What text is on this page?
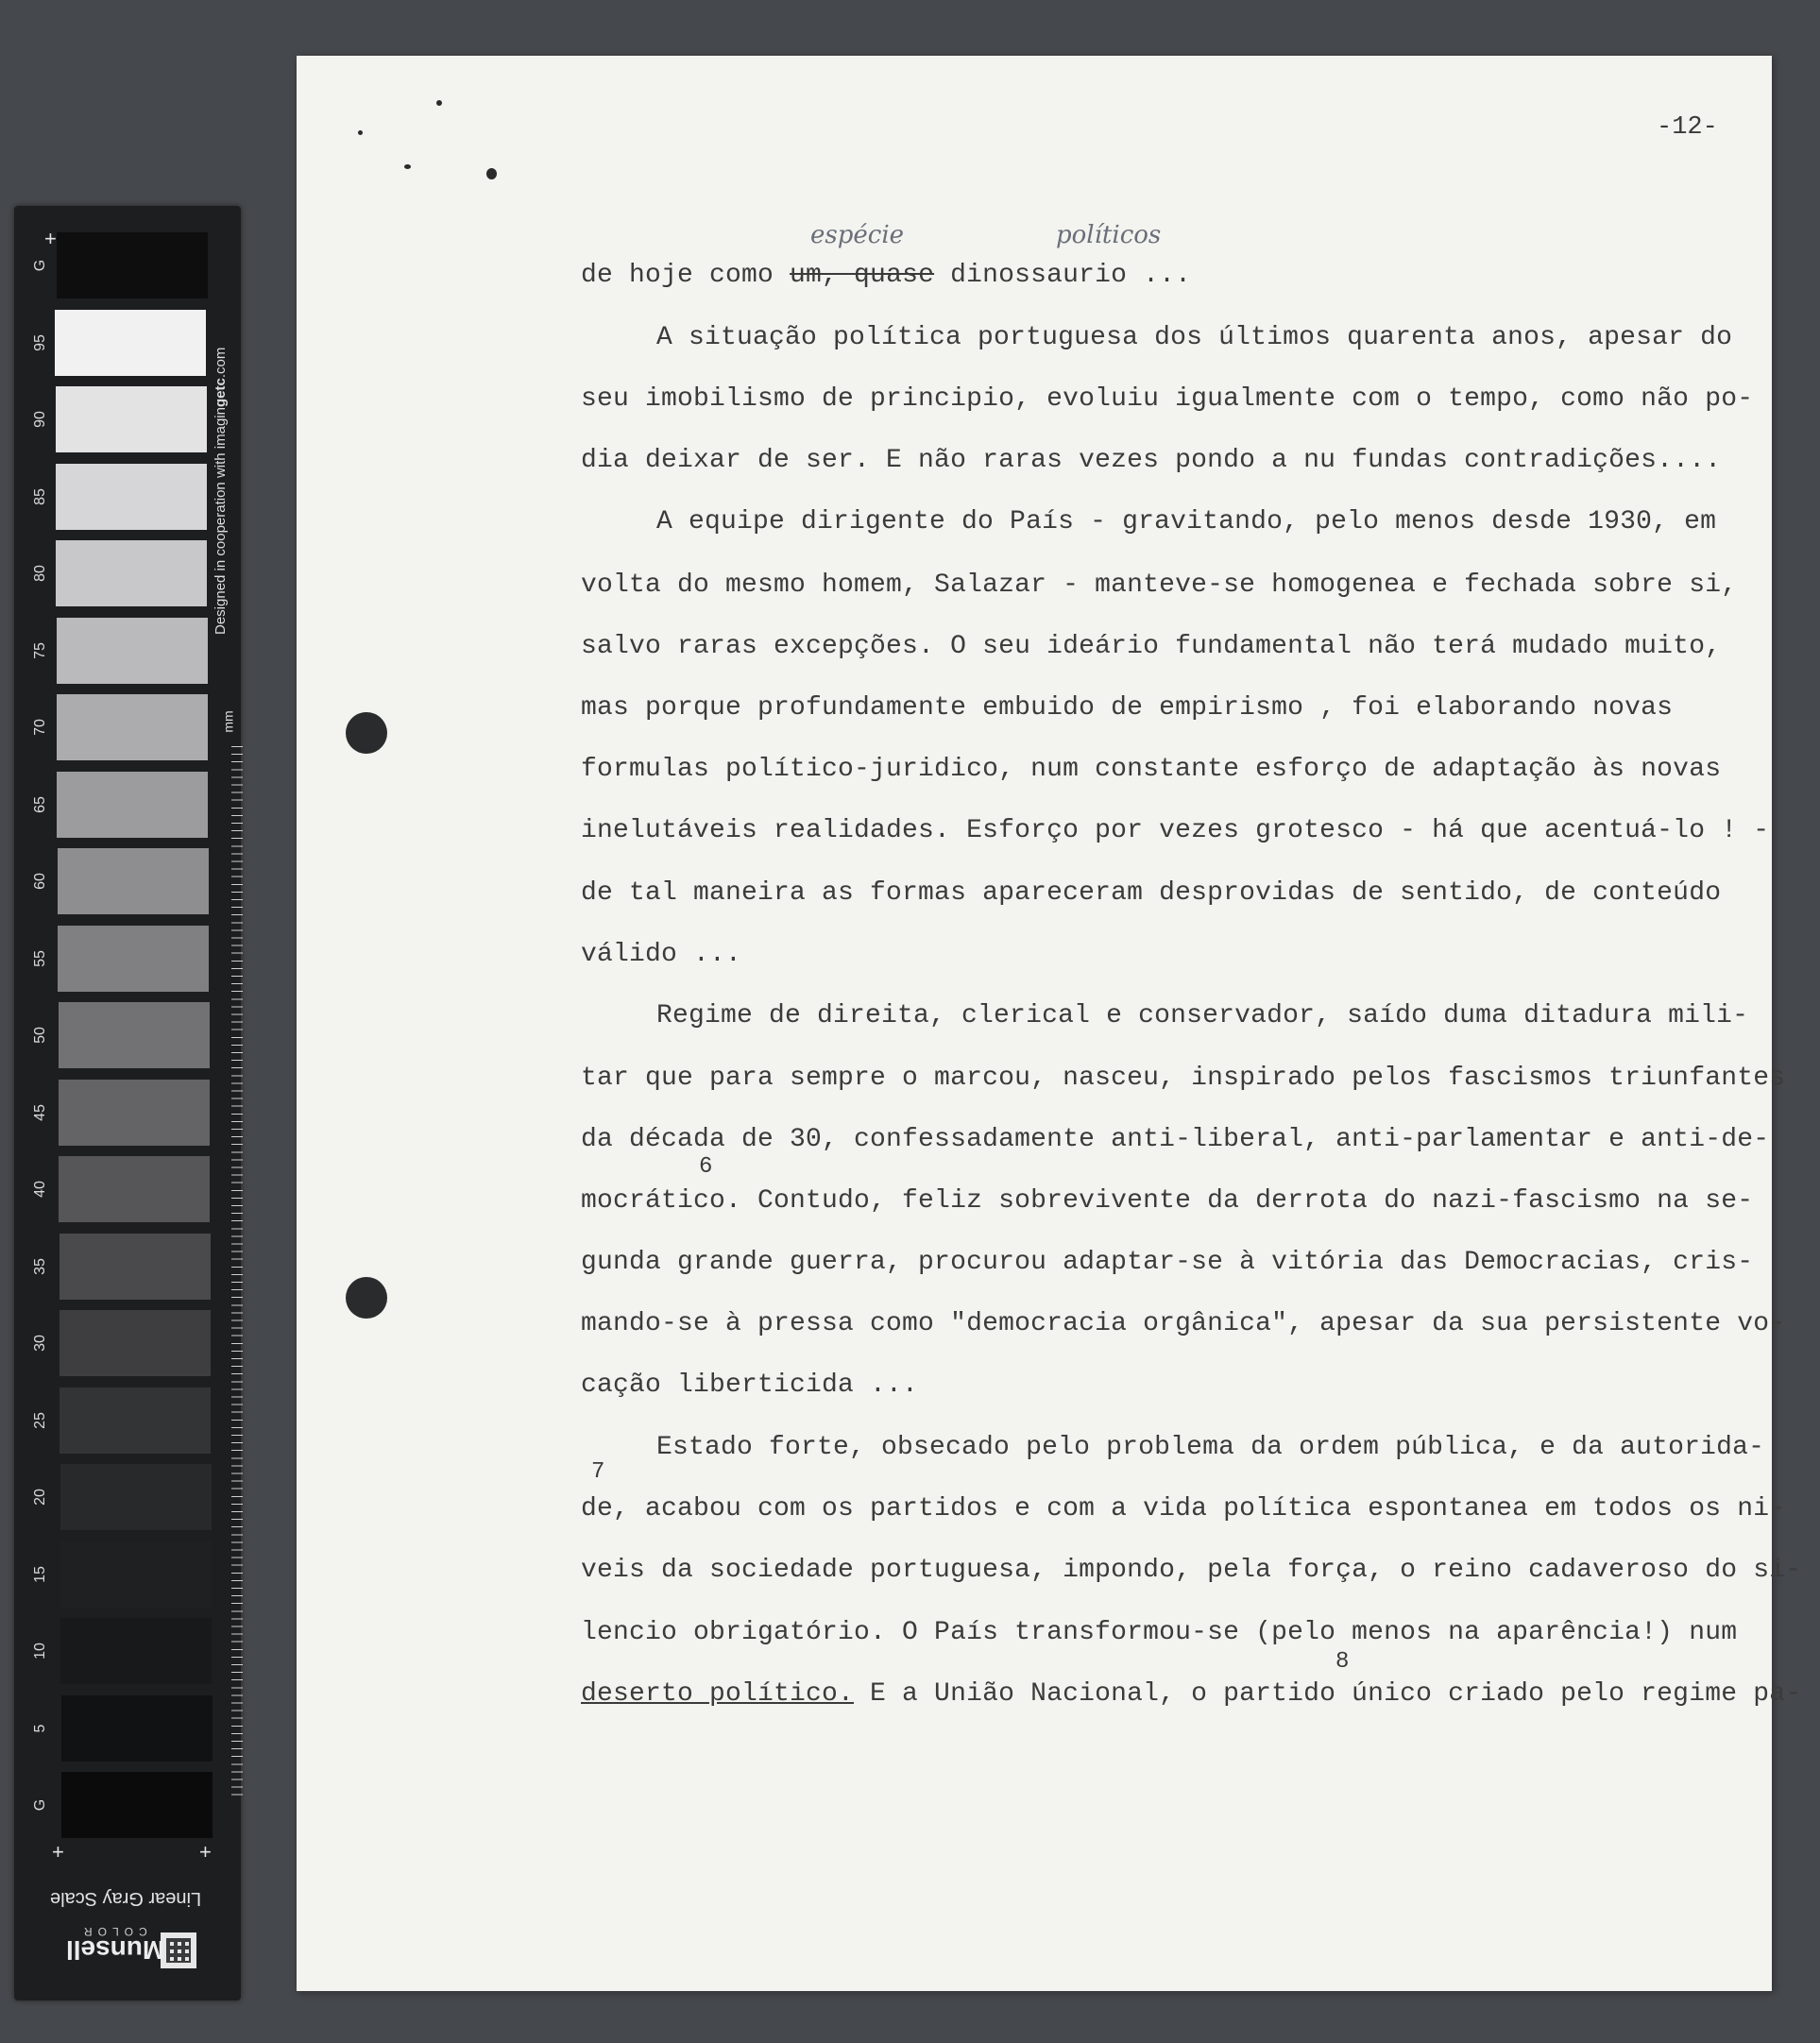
+
+	+
mm
Linear Gray Scale
Munsell
COLOR
G
95
90
85
80
75
70
65
60
55
50
45
40
35
30
25
20
15
10
5
G
Designed in cooperation with imagingetc.com
-12-
espécie	políticos
de hoje como um, quase dinossaurio ...
A situação política portuguesa dos últimos quarenta anos, apesar do
seu imobilismo de principio, evoluiu igualmente com o tempo, como não po-
dia deixar de ser. E não raras vezes pondo a nu fundas contradições....
A equipe dirigente do País - gravitando, pelo menos desde 1930, em
volta do mesmo homem, Salazar - manteve-se homogenea e fechada sobre si,
salvo raras excepções. O seu ideário fundamental não terá mudado muito,
mas porque profundamente embuido de empirismo , foi elaborando novas
formulas político-juridico, num constante esforço de adaptação às novas
inelutáveis realidades. Esforço por vezes grotesco - há que acentuá-lo ! -
de tal maneira as formas apareceram desprovidas de sentido, de conteúdo
válido ...
Regime de direita, clerical e conservador, saído duma ditadura mili-
tar que para sempre o marcou, nasceu, inspirado pelos fascismos triunfantes
da década de 30, confessadamente anti-liberal, anti-parlamentar e anti-de-
mocrático. Contudo, feliz sobrevivente da derrota do nazi-fascismo na se-
gunda grande guerra, procurou adaptar-se à vitória das Democracias, cris-
mando-se à pressa como "democracia orgânica", apesar da sua persistente vo-
cação liberticida ...
Estado forte, obsecado pelo problema da ordem pública, e da autorida-
de, acabou com os partidos e com a vida política espontanea em todos os ni-
veis da sociedade portuguesa, impondo, pela força, o reino cadaveroso do si-
lencio obrigatório. O País transformou-se (pelo menos na aparência!) num
deserto político. E a União Nacional, o partido único criado pelo regime pa-
6
7
8
